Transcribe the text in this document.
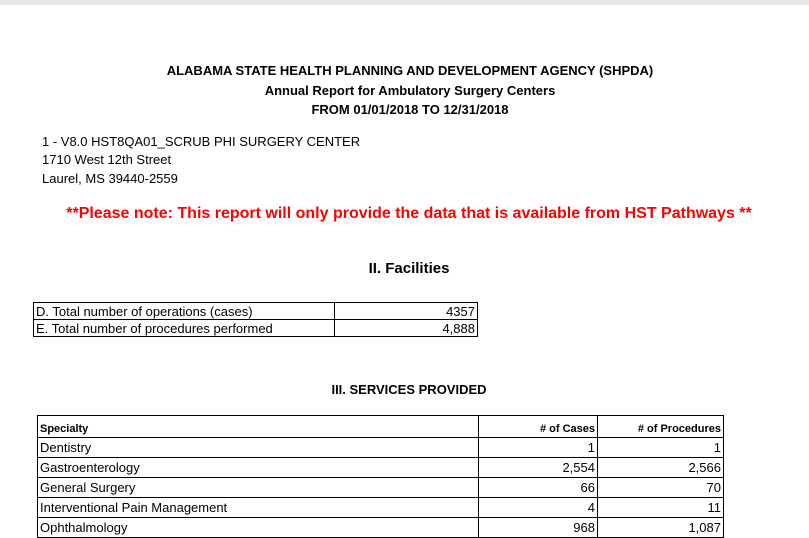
ALABAMA STATE HEALTH PLANNING AND DEVELOPMENT AGENCY (SHPDA)
Annual Report for Ambulatory Surgery Centers
FROM 01/01/2018 TO 12/31/2018
1 - V8.0 HST8QA01_SCRUB PHI SURGERY CENTER
1710 West 12th Street
Laurel, MS 39440-2559
**Please note: This report will only provide the data that is available from HST Pathways **
II. Facilities
D. Total number of operations (cases)	4357
E. Total number of procedures performed	4,888
III. SERVICES PROVIDED
Specialty	# of Cases	# of Procedures
Dentistry	1	1
Gastroenterology	2,554	2,566
General Surgery	66	70
Interventional Pain Management	4	11
Ophthalmology	968	1,087
